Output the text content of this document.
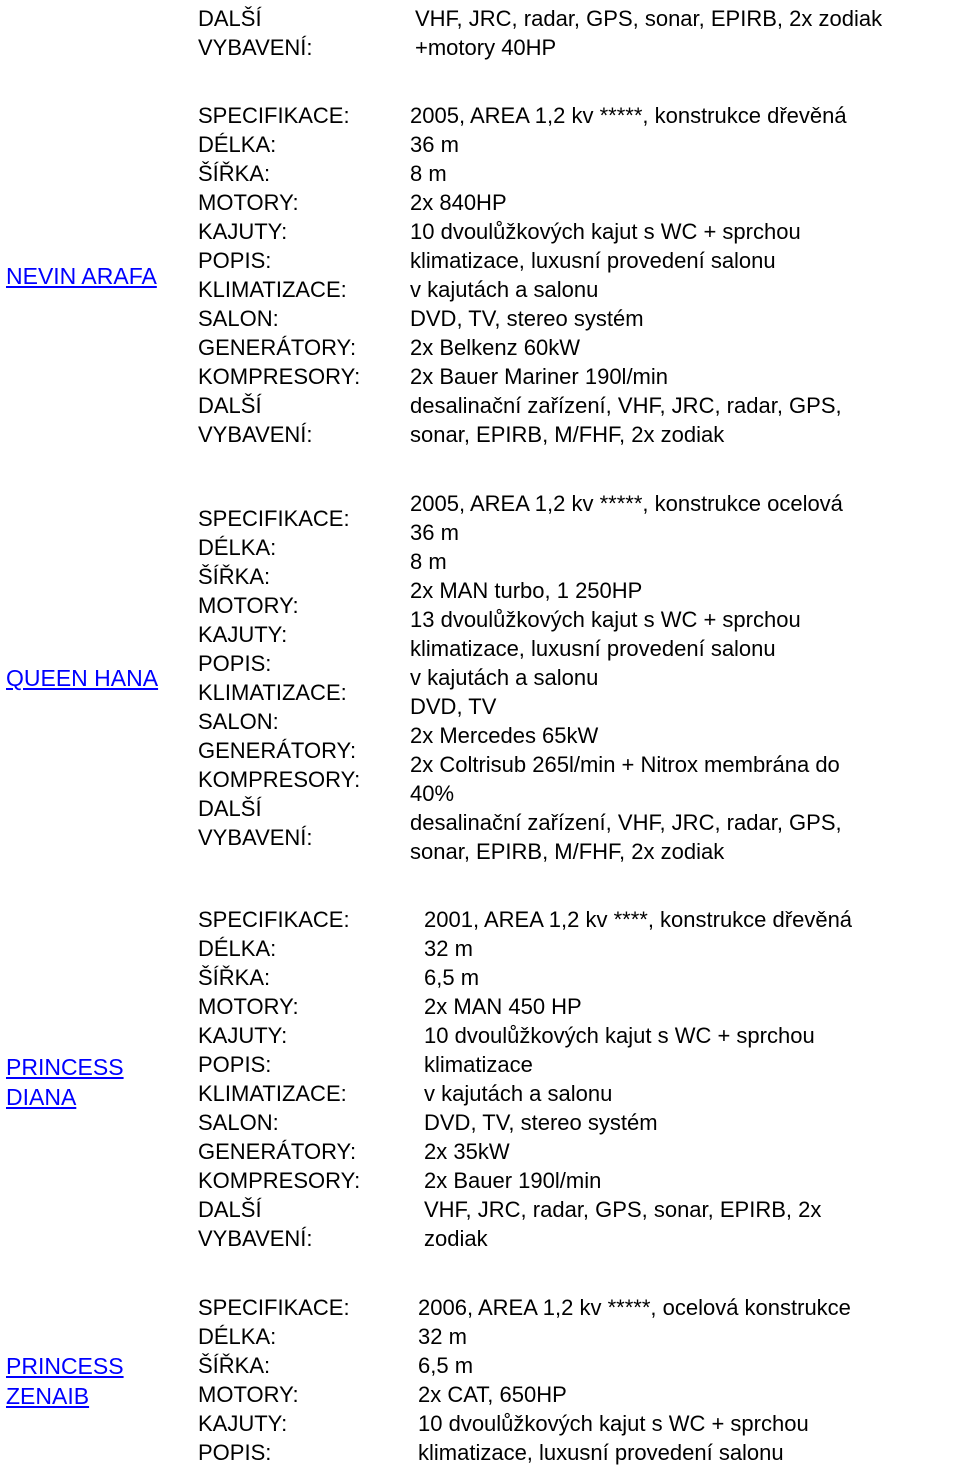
DALŠÍ
VYBAVENÍ:
VHF, JRC, radar, GPS, sonar, EPIRB, 2x zodiak
+motory 40HP
NEVIN ARAFA
SPECIFIKACE:
DÉLKA:
ŠÍŘKA:
MOTORY:
KAJUTY:
POPIS:
KLIMATIZACE:
SALON:
GENERÁTORY:
KOMPRESORY:
DALŠÍ
VYBAVENÍ:
2005, AREA 1,2 kv *****, konstrukce dřevěná
36 m
8 m
2x 840HP
10 dvoulůžkových kajut s WC + sprchou
klimatizace, luxusní provedení salonu
v kajutách a salonu
DVD, TV, stereo systém
2x Belkenz 60kW
2x Bauer Mariner 190l/min
desalinační zařízení, VHF, JRC, radar, GPS,
sonar, EPIRB, M/FHF, 2x zodiak
QUEEN HANA
SPECIFIKACE:
DÉLKA:
ŠÍŘKA:
MOTORY:
KAJUTY:
POPIS:
KLIMATIZACE:
SALON:
GENERÁTORY:
KOMPRESORY:
DALŠÍ
VYBAVENÍ:
2005, AREA 1,2 kv *****, konstrukce ocelová
36 m
8 m
2x MAN turbo, 1 250HP
13 dvoulůžkových kajut s WC + sprchou
klimatizace, luxusní provedení salonu
v kajutách a salonu
DVD, TV
2x Mercedes 65kW
2x Coltrisub 265l/min + Nitrox membrána do
40%
desalinační zařízení, VHF, JRC, radar, GPS,
sonar, EPIRB, M/FHF, 2x zodiak
PRINCESS
DIANA
SPECIFIKACE:
DÉLKA:
ŠÍŘKA:
MOTORY:
KAJUTY:
POPIS:
KLIMATIZACE:
SALON:
GENERÁTORY:
KOMPRESORY:
DALŠÍ
VYBAVENÍ:
2001, AREA 1,2 kv ****, konstrukce dřevěná
32 m
6,5 m
2x MAN 450 HP
10 dvoulůžkových kajut s WC + sprchou
klimatizace
v kajutách a salonu
DVD, TV, stereo systém
2x 35kW
2x Bauer 190l/min
VHF, JRC, radar, GPS, sonar, EPIRB, 2x
zodiak
PRINCESS
ZENAIB
SPECIFIKACE:
DÉLKA:
ŠÍŘKA:
MOTORY:
KAJUTY:
POPIS:
2006, AREA 1,2 kv *****, ocelová konstrukce
32 m
6,5 m
2x CAT, 650HP
10 dvoulůžkových kajut s WC + sprchou
klimatizace, luxusní provedení salonu
